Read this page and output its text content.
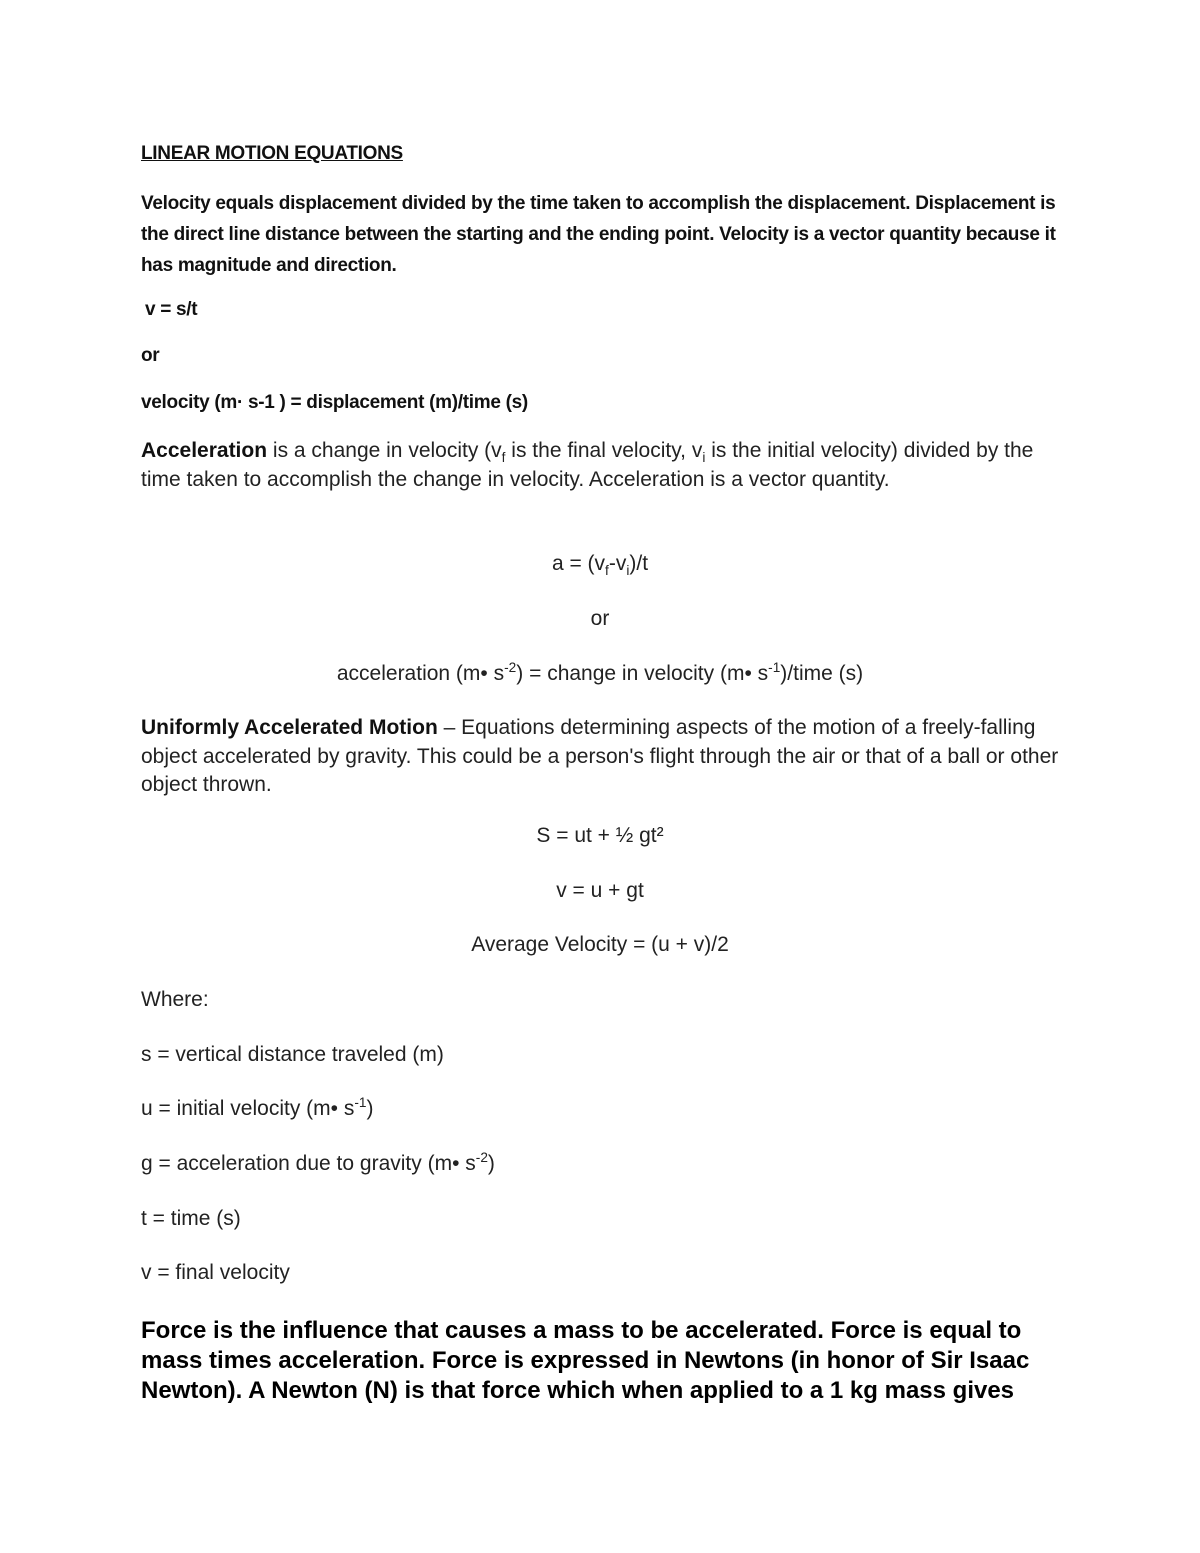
LINEAR MOTION EQUATIONS

Velocity equals displacement divided by the time taken to accomplish the displacement. Displacement is the direct line distance between the starting and the ending point. Velocity is a vector quantity because it has magnitude and direction.

v = s/t

or

velocity (m· s-1 ) = displacement (m)/time (s)

Acceleration is a change in velocity ($v_f$ is the final velocity, $v_i$ is the initial velocity) divided by the time taken to accomplish the change in velocity. Acceleration is a vector quantity.

$a = (v_f-v_i)/t$

or

acceleration (m• $s^{-2}$) = change in velocity (m• $s^{-1}$)/time (s)

Uniformly Accelerated Motion – Equations determining aspects of the motion of a freely-falling object accelerated by gravity. This could be a person's flight through the air or that of a ball or other object thrown.

S = ut + ½ gt²

v = u + gt

Average Velocity = (u + v)/2

Where:

s = vertical distance traveled (m)

u = initial velocity (m• $s^{-1}$)

g = acceleration due to gravity (m• $s^{-2}$)

t = time (s)

v = final velocity

Force is the influence that causes a mass to be accelerated. Force is equal to mass times acceleration. Force is expressed in Newtons (in honor of Sir Isaac Newton). A Newton (N) is that force which when applied to a 1 kg mass gives
